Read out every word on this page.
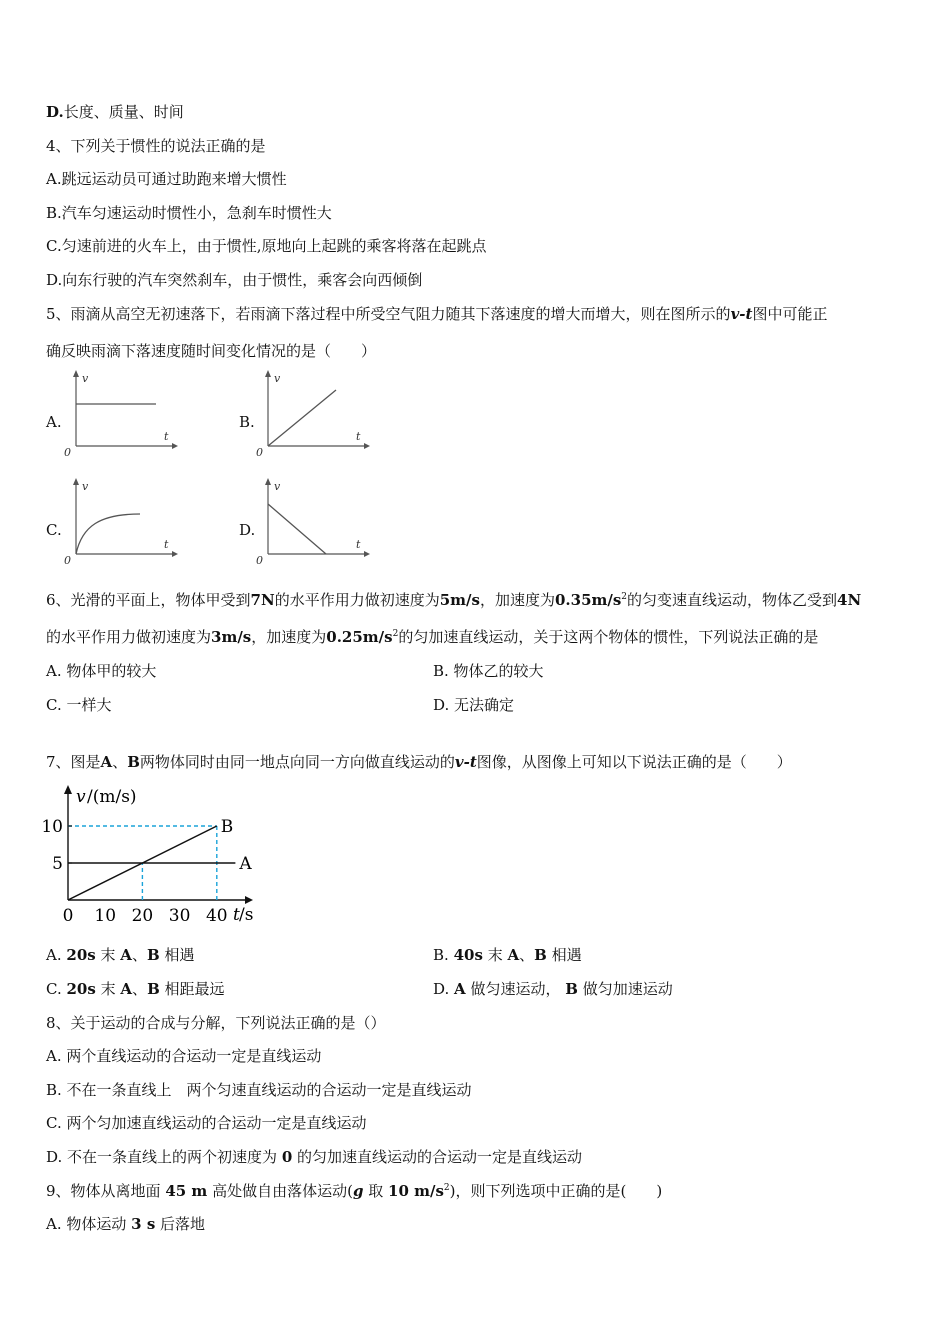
D.长度、质量、时间
4、下列关于惯性的说法正确的是
A.跳远运动员可通过助跑来增大惯性
B.汽车匀速运动时惯性小，急刹车时惯性大
C.匀速前进的火车上，由于惯性,原地向上起跳的乘客将落在起跳点
D.向东行驶的汽车突然刹车，由于惯性，乘客会向西倾倒
5、雨滴从高空无初速落下，若雨滴下落过程中所受空气阻力随其下落速度的增大而增大，则在图所示的v-t图中可能正
确反映雨滴下落速度随时间变化情况的是（　　）
A.
v
t
0
B.
v
t
0
C.
v
t
0
D.
v
t
0
6、光滑的平面上，物体甲受到7N的水平作用力做初速度为5m/s，加速度为$0.35m/s^2$的匀变速直线运动，物体乙受到4N
的水平作用力做初速度为3m/s，加速度为$0.25m/s^2$的匀加速直线运动，关于这两个物体的惯性，下列说法正确的是
A. 物体甲的较大	B. 物体乙的较大
C. 一样大	D. 无法确定
7、图是A、B两物体同时由同一地点向同一方向做直线运动的v-t图像，从图像上可知以下说法正确的是（　　）
A
B
0 10 20 30 40
5
10
v /(m/s)
t /s
A. 20s 末 A、B 相遇	B. 40s 末 A、B 相遇
C. 20s 末 A、B 相距最远	D. A 做匀速运动， B 做匀加速运动
8、关于运动的合成与分解，下列说法正确的是（）
A. 两个直线运动的合运动一定是直线运动
B. 不在一条直线上　两个匀速直线运动的合运动一定是直线运动
C. 两个匀加速直线运动的合运动一定是直线运动
D. 不在一条直线上的两个初速度为 0 的匀加速直线运动的合运动一定是直线运动
9、物体从离地面 45 m 高处做自由落体运动(g 取 10 $m/s^2$)，则下列选项中正确的是(　　)
A. 物体运动 3 s 后落地
